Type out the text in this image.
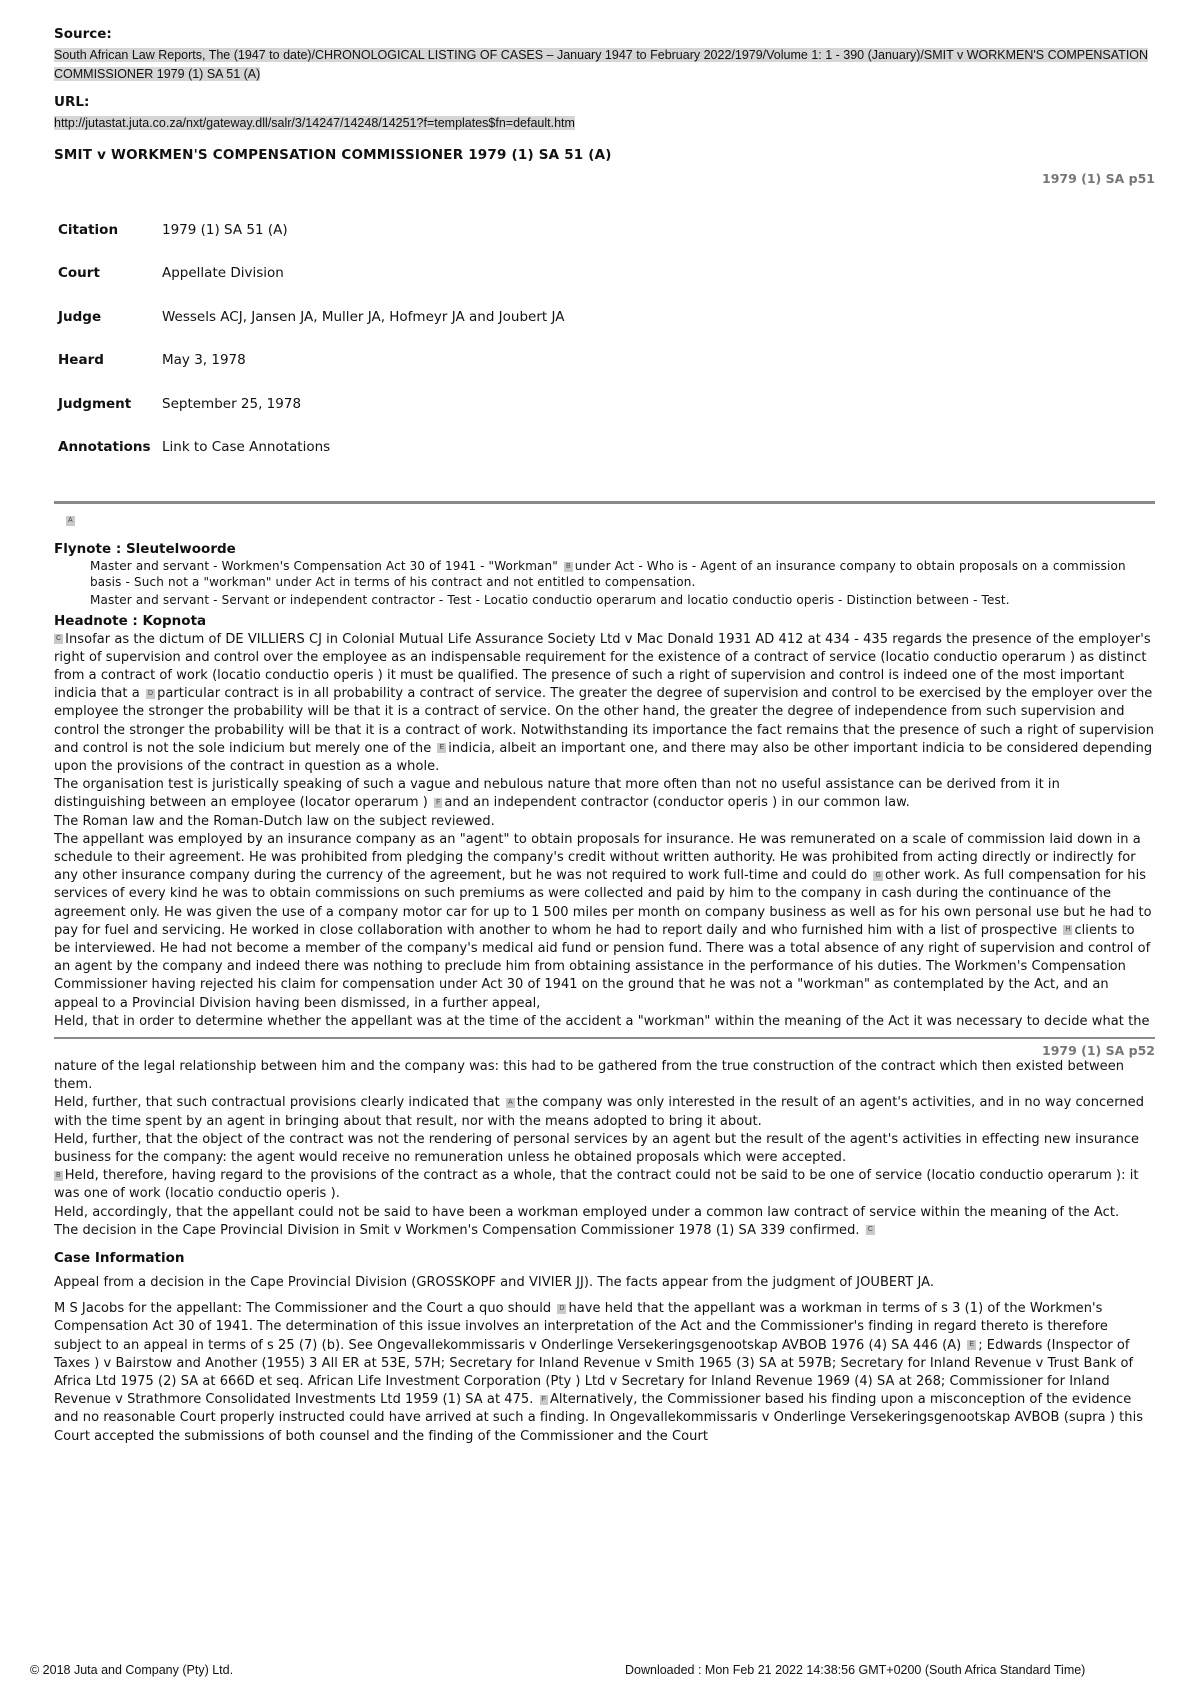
Source:

South African Law Reports, The (1947 to date)/CHRONOLOGICAL LISTING OF CASES – January 1947 to February 2022/1979/Volume 1: 1 - 390 (January)/SMIT v WORKMEN'S COMPENSATION COMMISSIONER 1979 (1) SA 51 (A)

URL:

http://jutastat.juta.co.za/nxt/gateway.dll/salr/3/14247/14248/14251?f=templates$fn=default.htm

SMIT v WORKMEN'S COMPENSATION COMMISSIONER 1979 (1) SA 51 (A)

1979 (1) SA p51

Citation	1979 (1) SA 51 (A)
Court	Appellate Division
Judge	Wessels ACJ, Jansen JA, Muller JA, Hofmeyr JA and Joubert JA
Heard	May 3, 1978
Judgment	September 25, 1978
Annotations	Link to Case Annotations
A

Flynote : Sleutelwoorde

Master and servant - Workmen's Compensation Act 30 of 1941 - "Workman" B under Act - Who is - Agent of an insurance company to obtain proposals on a commission basis - Such not a "workman" under Act in terms of his contract and not entitled to compensation.

Master and servant - Servant or independent contractor - Test - Locatio conductio operarum and locatio conductio operis - Distinction between - Test.

Headnote : Kopnota

C Insofar as the dictum of DE VILLIERS CJ in Colonial Mutual Life Assurance Society Ltd v Mac Donald 1931 AD 412 at 434 - 435 regards the presence of the employer's right of supervision and control over the employee as an indispensable requirement for the existence of a contract of service (locatio conductio operarum ) as distinct from a contract of work (locatio conductio operis ) it must be qualified. The presence of such a right of supervision and control is indeed one of the most important indicia that a D particular contract is in all probability a contract of service. The greater the degree of supervision and control to be exercised by the employer over the employee the stronger the probability will be that it is a contract of service. On the other hand, the greater the degree of independence from such supervision and control the stronger the probability will be that it is a contract of work. Notwithstanding its importance the fact remains that the presence of such a right of supervision and control is not the sole indicium but merely one of the E indicia, albeit an important one, and there may also be other important indicia to be considered depending upon the provisions of the contract in question as a whole.

The organisation test is juristically speaking of such a vague and nebulous nature that more often than not no useful assistance can be derived from it in distinguishing between an employee (locator operarum ) F and an independent contractor (conductor operis ) in our common law.

The Roman law and the Roman-Dutch law on the subject reviewed.

The appellant was employed by an insurance company as an "agent" to obtain proposals for insurance. He was remunerated on a scale of commission laid down in a schedule to their agreement. He was prohibited from pledging the company's credit without written authority. He was prohibited from acting directly or indirectly for any other insurance company during the currency of the agreement, but he was not required to work full-time and could do G other work. As full compensation for his services of every kind he was to obtain commissions on such premiums as were collected and paid by him to the company in cash during the continuance of the agreement only. He was given the use of a company motor car for up to 1 500 miles per month on company business as well as for his own personal use but he had to pay for fuel and servicing. He worked in close collaboration with another to whom he had to report daily and who furnished him with a list of prospective H clients to be interviewed. He had not become a member of the company's medical aid fund or pension fund. There was a total absence of any right of supervision and control of an agent by the company and indeed there was nothing to preclude him from obtaining assistance in the performance of his duties. The Workmen's Compensation Commissioner having rejected his claim for compensation under Act 30 of 1941 on the ground that he was not a "workman" as contemplated by the Act, and an appeal to a Provincial Division having been dismissed, in a further appeal,

Held, that in order to determine whether the appellant was at the time of the accident a "workman" within the meaning of the Act it was necessary to decide what the

1979 (1) SA p52

nature of the legal relationship between him and the company was: this had to be gathered from the true construction of the contract which then existed between them.

Held, further, that such contractual provisions clearly indicated that A the company was only interested in the result of an agent's activities, and in no way concerned with the time spent by an agent in bringing about that result, nor with the means adopted to bring it about.

Held, further, that the object of the contract was not the rendering of personal services by an agent but the result of the agent's activities in effecting new insurance business for the company: the agent would receive no remuneration unless he obtained proposals which were accepted.

B Held, therefore, having regard to the provisions of the contract as a whole, that the contract could not be said to be one of service (locatio conductio operarum ): it was one of work (locatio conductio operis ).

Held, accordingly, that the appellant could not be said to have been a workman employed under a common law contract of service within the meaning of the Act.

The decision in the Cape Provincial Division in Smit v Workmen's Compensation Commissioner 1978 (1) SA 339 confirmed. C

Case Information

Appeal from a decision in the Cape Provincial Division (GROSSKOPF and VIVIER JJ). The facts appear from the judgment of JOUBERT JA.

M S Jacobs for the appellant: The Commissioner and the Court a quo should D have held that the appellant was a workman in terms of s 3 (1) of the Workmen's Compensation Act 30 of 1941. The determination of this issue involves an interpretation of the Act and the Commissioner's finding in regard thereto is therefore subject to an appeal in terms of s 25 (7) (b). See Ongevallekommissaris v Onderlinge Versekeringsgenootskap AVBOB 1976 (4) SA 446 (A) E ; Edwards (Inspector of Taxes ) v Bairstow and Another (1955) 3 All ER at 53E, 57H; Secretary for Inland Revenue v Smith 1965 (3) SA at 597B; Secretary for Inland Revenue v Trust Bank of Africa Ltd 1975 (2) SA at 666D et seq. African Life Investment Corporation (Pty ) Ltd v Secretary for Inland Revenue 1969 (4) SA at 268; Commissioner for Inland Revenue v Strathmore Consolidated Investments Ltd 1959 (1) SA at 475. F Alternatively, the Commissioner based his finding upon a misconception of the evidence and no reasonable Court properly instructed could have arrived at such a finding. In Ongevallekommissaris v Onderlinge Versekeringsgenootskap AVBOB (supra ) this Court accepted the submissions of both counsel and the finding of the Commissioner and the Court

© 2018 Juta and Company (Pty) Ltd.	Downloaded : Mon Feb 21 2022 14:38:56 GMT+0200 (South Africa Standard Time)
